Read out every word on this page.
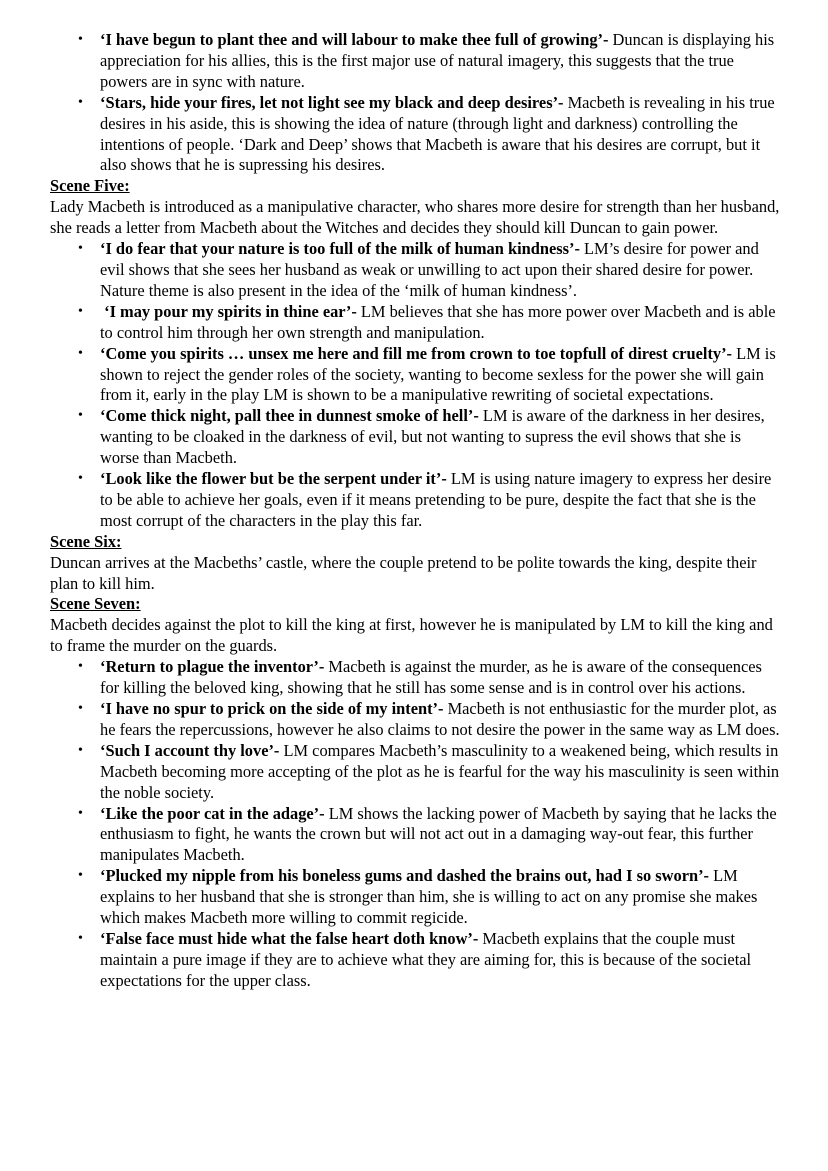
• ‘I have begun to plant thee and will labour to make thee full of growing’- Duncan is displaying his appreciation for his allies, this is the first major use of natural imagery, this suggests that the true powers are in sync with nature.
• ‘Stars, hide your fires, let not light see my black and deep desires’- Macbeth is revealing in his true desires in his aside, this is showing the idea of nature (through light and darkness) controlling the intentions of people. ‘Dark and Deep’ shows that Macbeth is aware that his desires are corrupt, but it also shows that he is supressing his desires.

Scene Five:

Lady Macbeth is introduced as a manipulative character, who shares more desire for strength than her husband, she reads a letter from Macbeth about the Witches and decides they should kill Duncan to gain power.

• ‘I do fear that your nature is too full of the milk of human kindness’- LM’s desire for power and evil shows that she sees her husband as weak or unwilling to act upon their shared desire for power. Nature theme is also present in the idea of the ‘milk of human kindness’.
• ‘I may pour my spirits in thine ear’- LM believes that she has more power over Macbeth and is able to control him through her own strength and manipulation.
• ‘Come you spirits … unsex me here and fill me from crown to toe topfull of direst cruelty’- LM is shown to reject the gender roles of the society, wanting to become sexless for the power she will gain from it, early in the play LM is shown to be a manipulative rewriting of societal expectations.
• ‘Come thick night, pall thee in dunnest smoke of hell’- LM is aware of the darkness in her desires, wanting to be cloaked in the darkness of evil, but not wanting to supress the evil shows that she is worse than Macbeth.
• ‘Look like the flower but be the serpent under it’- LM is using nature imagery to express her desire to be able to achieve her goals, even if it means pretending to be pure, despite the fact that she is the most corrupt of the characters in the play this far.

Scene Six:

Duncan arrives at the Macbeths’ castle, where the couple pretend to be polite towards the king, despite their plan to kill him.

Scene Seven:

Macbeth decides against the plot to kill the king at first, however he is manipulated by LM to kill the king and to frame the murder on the guards.

• ‘Return to plague the inventor’- Macbeth is against the murder, as he is aware of the consequences for killing the beloved king, showing that he still has some sense and is in control over his actions.
• ‘I have no spur to prick on the side of my intent’- Macbeth is not enthusiastic for the murder plot, as he fears the repercussions, however he also claims to not desire the power in the same way as LM does.
• ‘Such I account thy love’- LM compares Macbeth’s masculinity to a weakened being, which results in Macbeth becoming more accepting of the plot as he is fearful for the way his masculinity is seen within the noble society.
• ‘Like the poor cat in the adage’- LM shows the lacking power of Macbeth by saying that he lacks the enthusiasm to fight, he wants the crown but will not act out in a damaging way-out fear, this further manipulates Macbeth.
• ‘Plucked my nipple from his boneless gums and dashed the brains out, had I so sworn’- LM explains to her husband that she is stronger than him, she is willing to act on any promise she makes which makes Macbeth more willing to commit regicide.
• ‘False face must hide what the false heart doth know’- Macbeth explains that the couple must maintain a pure image if they are to achieve what they are aiming for, this is because of the societal expectations for the upper class.
